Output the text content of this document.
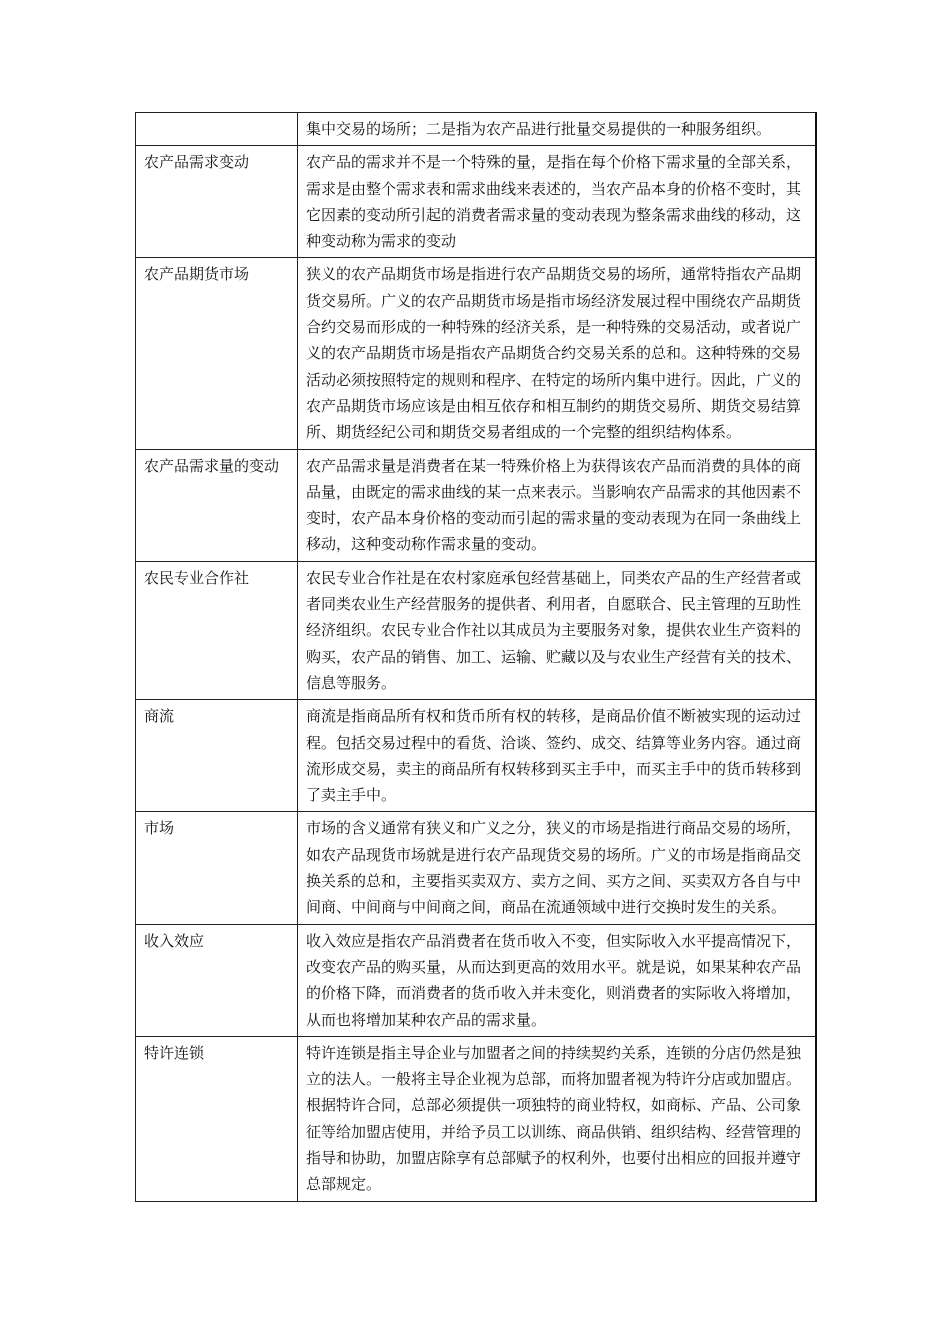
	集中交易的场所；二是指为农产品进行批量交易提供的一种服务组织。
农产品需求变动	农产品的需求并不是一个特殊的量，是指在每个价格下需求量的全部关系，需求是由整个需求表和需求曲线来表述的，当农产品本身的价格不变时，其它因素的变动所引起的消费者需求量的变动表现为整条需求曲线的移动，这种变动称为需求的变动
农产品期货市场	狭义的农产品期货市场是指进行农产品期货交易的场所，通常特指农产品期货交易所。广义的农产品期货市场是指市场经济发展过程中围绕农产品期货合约交易而形成的一种特殊的经济关系，是一种特殊的交易活动，或者说广义的农产品期货市场是指农产品期货合约交易关系的总和。这种特殊的交易活动必须按照特定的规则和程序、在特定的场所内集中进行。因此，广义的农产品期货市场应该是由相互依存和相互制约的期货交易所、期货交易结算所、期货经纪公司和期货交易者组成的一个完整的组织结构体系。
农产品需求量的变动	农产品需求量是消费者在某一特殊价格上为获得该农产品而消费的具体的商品量，由既定的需求曲线的某一点来表示。当影响农产品需求的其他因素不变时，农产品本身价格的变动而引起的需求量的变动表现为在同一条曲线上移动，这种变动称作需求量的变动。
农民专业合作社	农民专业合作社是在农村家庭承包经营基础上，同类农产品的生产经营者或者同类农业生产经营服务的提供者、利用者，自愿联合、民主管理的互助性经济组织。农民专业合作社以其成员为主要服务对象，提供农业生产资料的购买，农产品的销售、加工、运输、贮藏以及与农业生产经营有关的技术、信息等服务。
商流	商流是指商品所有权和货币所有权的转移，是商品价值不断被实现的运动过程。包括交易过程中的看货、洽谈、签约、成交、结算等业务内容。通过商流形成交易，卖主的商品所有权转移到买主手中，而买主手中的货币转移到了卖主手中。
市场	市场的含义通常有狭义和广义之分，狭义的市场是指进行商品交易的场所，如农产品现货市场就是进行农产品现货交易的场所。广义的市场是指商品交换关系的总和，主要指买卖双方、卖方之间、买方之间、买卖双方各自与中间商、中间商与中间商之间，商品在流通领域中进行交换时发生的关系。
收入效应	收入效应是指农产品消费者在货币收入不变，但实际收入水平提高情况下，改变农产品的购买量，从而达到更高的效用水平。就是说，如果某种农产品的价格下降，而消费者的货币收入并未变化，则消费者的实际收入将增加，从而也将增加某种农产品的需求量。
特许连锁	特许连锁是指主导企业与加盟者之间的持续契约关系，连锁的分店仍然是独立的法人。一般将主导企业视为总部，而将加盟者视为特许分店或加盟店。根据特许合同，总部必须提供一项独特的商业特权，如商标、产品、公司象征等给加盟店使用，并给予员工以训练、商品供销、组织结构、经营管理的指导和协助，加盟店除享有总部赋予的权利外，也要付出相应的回报并遵守总部规定。
